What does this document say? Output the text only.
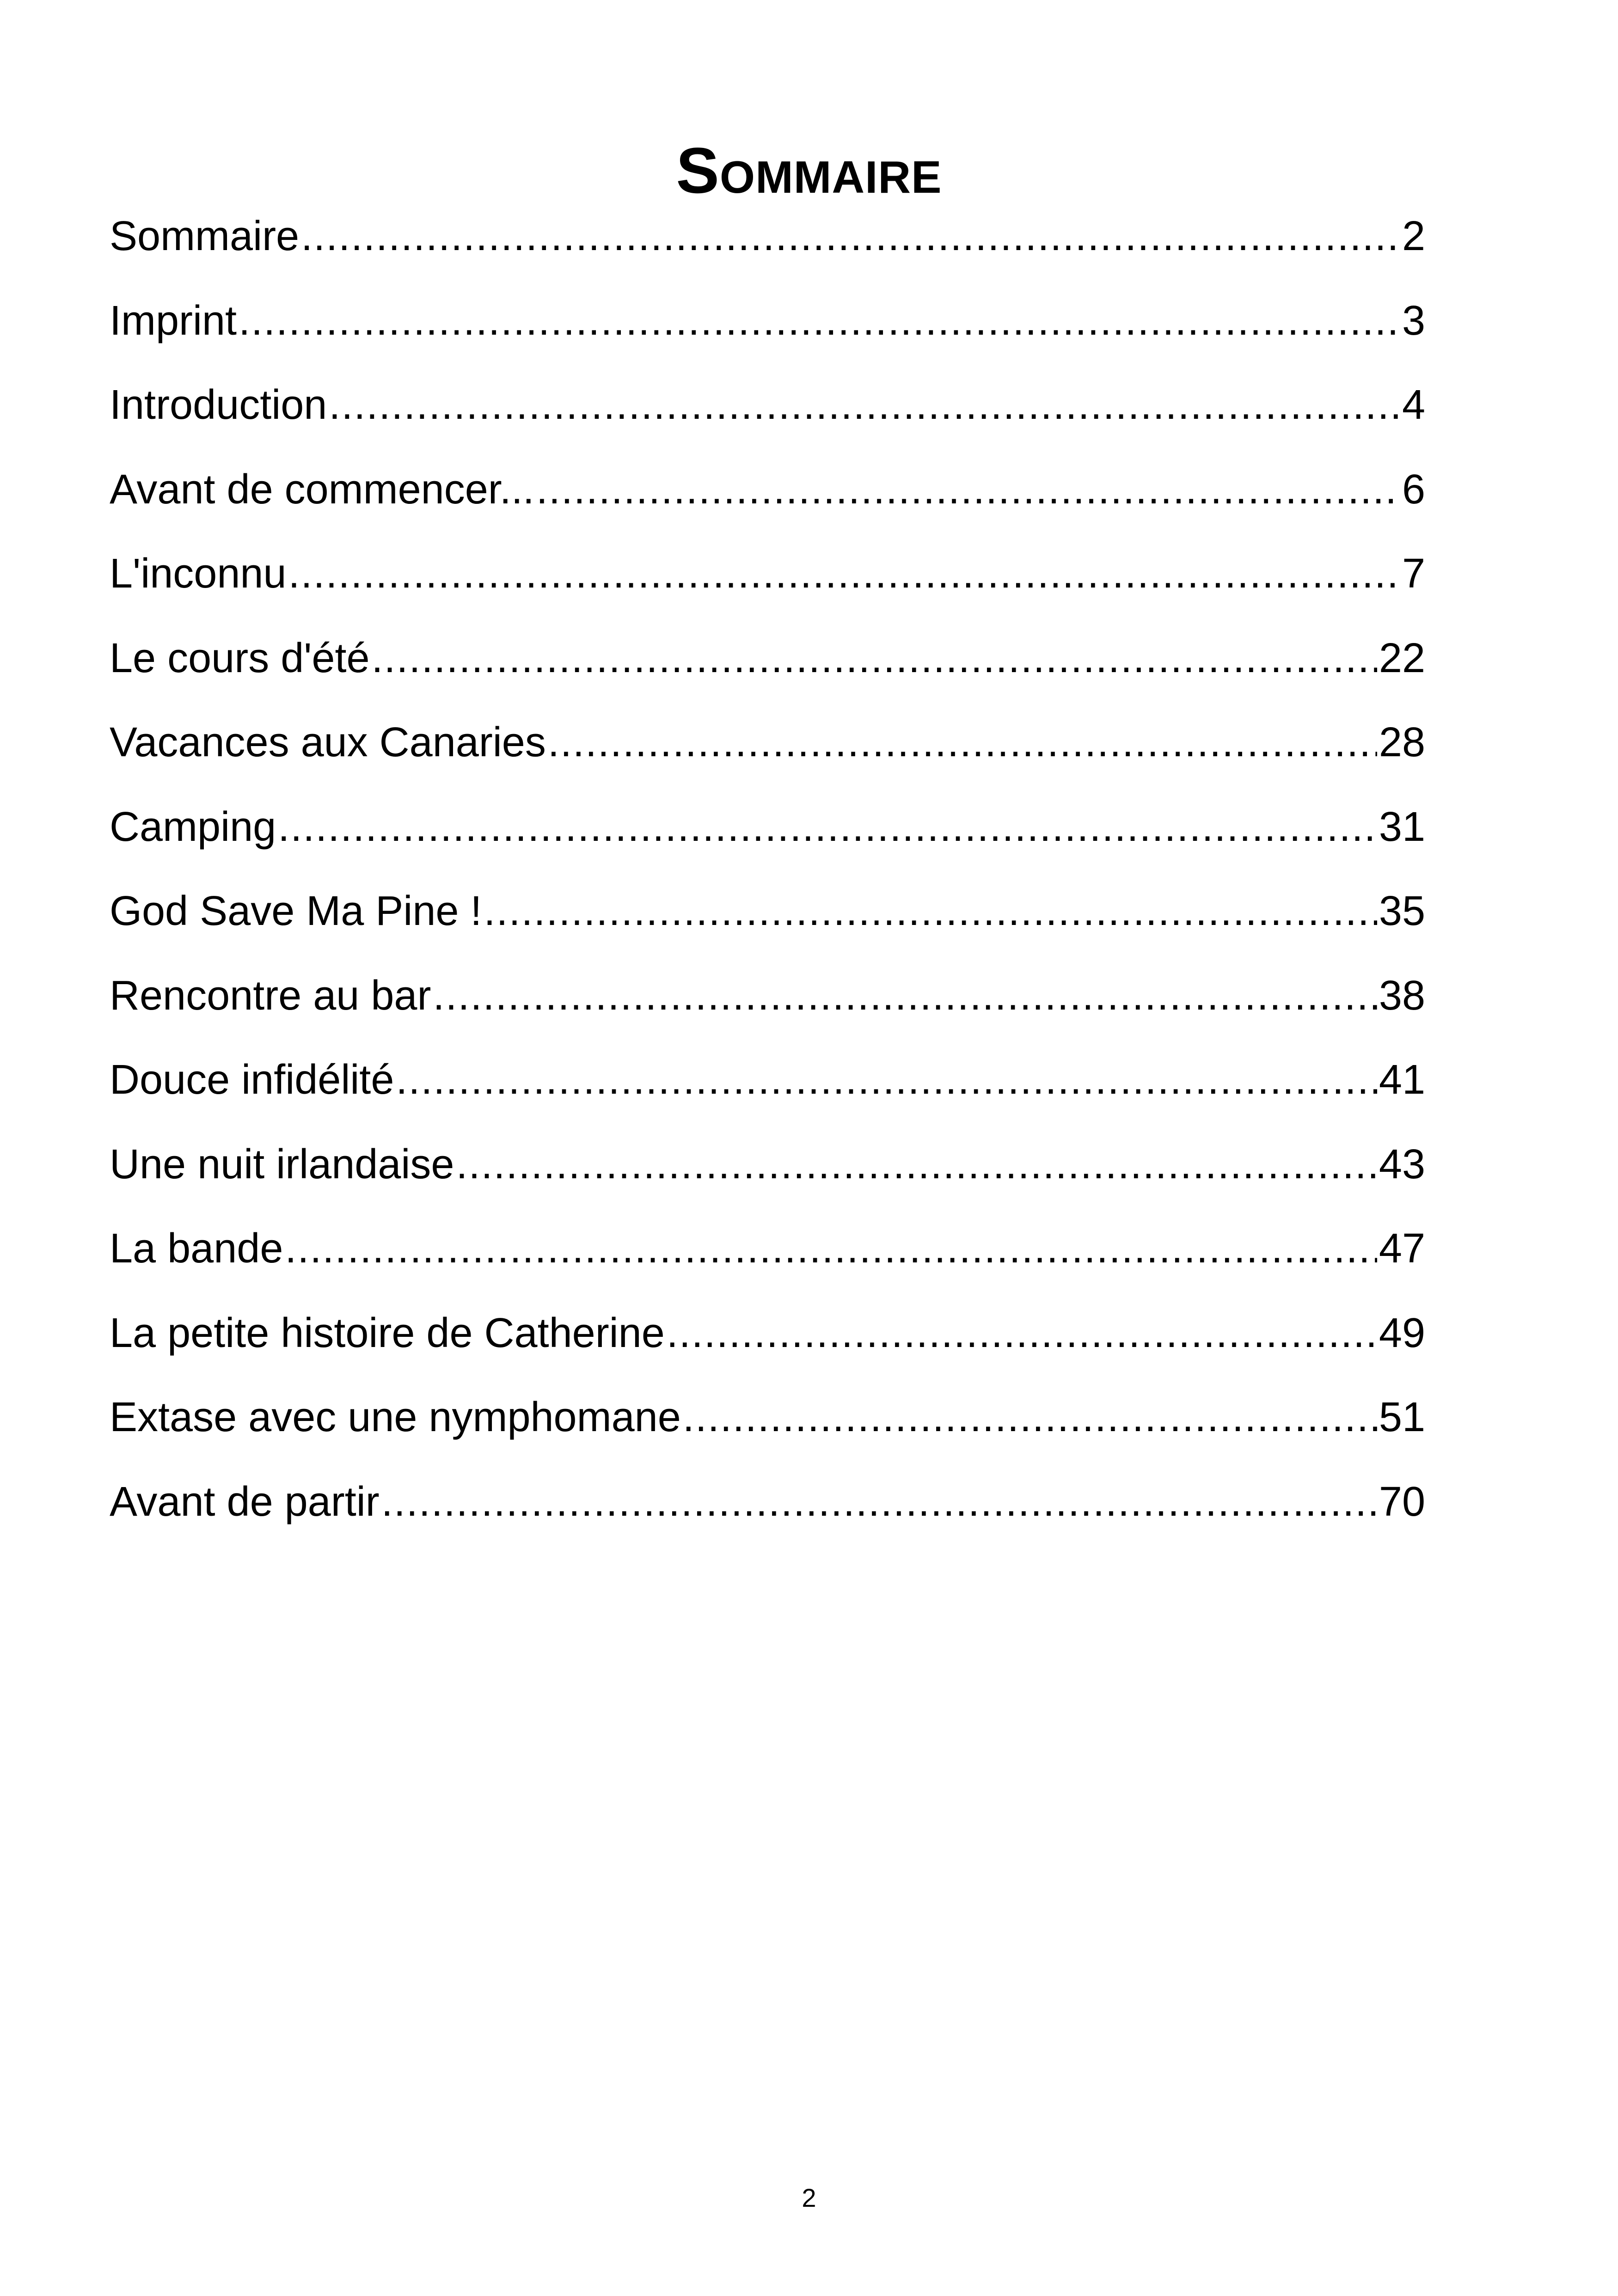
Sommaire
Sommaire .....	2
Imprint .....	3
Introduction .....	4
Avant de commencer... .....	6
L'inconnu .....	7
Le cours d'été .....	22
Vacances aux Canaries .....	28
Camping .....	31
God Save Ma Pine ! .....	35
Rencontre au bar .....	38
Douce infidélité .....	41
Une nuit irlandaise .....	43
La bande .....	47
La petite histoire de Catherine .....	49
Extase avec une nymphomane .....	51
Avant de partir .....	70
2
